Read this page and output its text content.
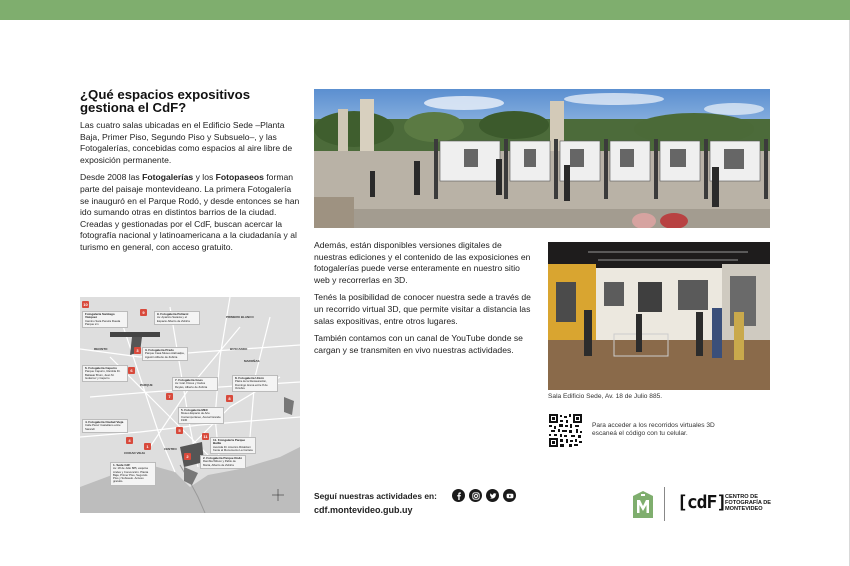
¿Qué espacios expositivos gestiona el CdF?

Las cuatro salas ubicadas en el Edificio Sede –Planta Baja, Primer Piso, Segundo Piso y Subsuelo–, y las Fotogalerías, concebidas como espacios al aire libre de exposición permanente.

Desde 2008 las Fotogalerías y los Fotopaseos forman parte del paisaje montevideano. La primera Fotogalería se inauguró en el Parque Rodó, y desde entonces se han ido sumando otras en distintos barrios de la ciudad. Creadas y gestionadas por el CdF, buscan acercar la fotografía nacional y latinoamericana a la ciudadanía y al turismo en general, con acceso gratuito.

Fotogalería Santiago Vázquez
Camino Sara Pereira Rueda Parque s/n
9. Fotogalería Peñarol
Av. Aparicio Saravia y el Espacio Alberto de Zubiría
3. Fotogalería Prado
Parque Casa Museo Atahualpa, Agustín Alberto de Zubiría
6. Fotogalería Capurro
Parque Capurro, Rambla Dr. Baltasar Brum, Juan M. Gutiérrez y Capurro
7. Fotogalería Goes
Av. Gral. Flores y Carlos Reyles, Alberto de Zubiría
8. Fotogalería Unión
Plaza de la Restauración, Domingo Arena entre 8 de Octubre
5. Fotogalería MEC
Museo Espacio de Arte Contemporáneo, Arenal Grande 1930
4. Fotogalería Ciudad Vieja
Calle Pérez Castellano entre Sarandí
11. Fotogalería Parque Batlle
Avenida Dr. Américo Ricaldoni frente al Monumento La Carreta
1. Sede CdF
Av. 18 de Julio 885, esquina Andes y Convención. Planta Baja, Primer Piso, Segundo Piso y Subsuelo. Acceso gratuito.
2. Fotogalería Parque Rodó
Rambla Wilson y Pablo de María, Alberto de Zubiría
RECINTO
PRIMERO BLANCO
BUSCANDO
MAROÑAS
CIUDAD VIEJA
CENTRO
PARQUE
10
9
3
6
7	8
5
4
11
1
2

Además, están disponibles versiones digitales de nuestras ediciones y el contenido de las exposiciones en fotogalerías puede verse enteramente en nuestro sitio web y recorrerlas en 3D.

Tenés la posibilidad de conocer nuestra sede a través de un recorrido virtual 3D, que permite visitar a distancia las salas expositivas, entre otros lugares.

También contamos con un canal de YouTube donde se cargan y se transmiten en vivo nuestras actividades.

Sala Edificio Sede, Av. 18 de Julio 885.
Para acceder a los recorridos virtuales 3D escaneá el código con tu celular.
Seguí nuestras actividades en:
cdf.montevideo.gub.uy	[cdF]
CENTRO DE FOTOGRAFÍA DE MONTEVIDEO
